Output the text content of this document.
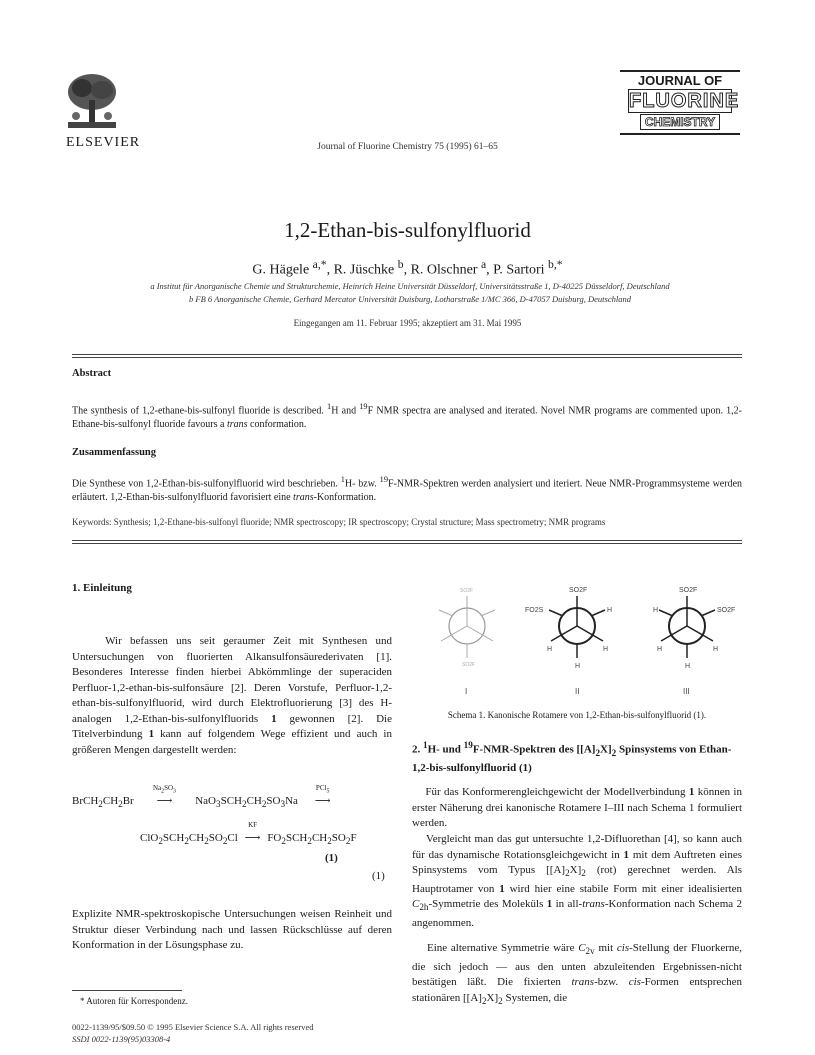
ELSEVIER	Journal of Fluorine Chemistry 75 (1995) 61–65
JOURNAL OF
FLUORINE
CHEMISTRY
1,2-Ethan-bis-sulfonylfluorid
G. Hägele $^{a,*}$, R. Jüschke $^b$, R. Olschner $^a$, P. Sartori $^{b,*}$
a Institut für Anorganische Chemie und Strukturchemie, Heinrich Heine Universität Düsseldorf, Universitätsstraße 1, D-40225 Düsseldorf, Deutschland
b FB 6 Anorganische Chemie, Gerhard Mercator Universität Duisburg, Lotharstraße 1/MC 366, D-47057 Duisburg, Deutschland
Eingegangen am 11. Februar 1995; akzeptiert am 31. Mai 1995
Abstract
The synthesis of 1,2-ethane-bis-sulfonyl fluoride is described. $^1$H and $^{19}$F NMR spectra are analysed and iterated. Novel NMR programs are commented upon. 1,2-Ethane-bis-sulfonyl fluoride favours a trans conformation.
Zusammenfassung
Die Synthese von 1,2-Ethan-bis-sulfonylfluorid wird beschrieben. $^1$H- bzw. $^{19}$F-NMR-Spektren werden analysiert und iteriert. Neue NMR-Programmsysteme werden erläutert. 1,2-Ethan-bis-sulfonylfluorid favorisiert eine trans-Konformation.
Keywords: Synthesis; 1,2-Ethane-bis-sulfonyl fluoride; NMR spectroscopy; IR spectroscopy; Crystal structure; Mass spectrometry; NMR programs
1. Einleitung
Wir befassen uns seit geraumer Zeit mit Synthesen und Untersuchungen von fluorierten Alkansulfonsäurederivaten [1]. Besonderes Interesse finden hierbei Abkömmlinge der superaciden Perfluor-1,2-ethan-bis-sulfonsäure [2]. Deren Vorstufe, Perfluor-1,2-ethan-bis-sulfonylfluorid, wird durch Elektrofluorierung [3] des H-analogen 1,2-Ethan-bis-sulfonylfluorids 1 gewonnen [2]. Die Titelverbindung 1 kann auf folgendem Wege effizient und auch in größeren Mengen dargestellt werden:
$BrCH_2CH_2Br$
$Na_2SO_3$
⟶ $NaO_3SCH_2CH_2SO_3Na$
PCl$_5$
⟶
$ClO_2SCH_2CH_2SO_2Cl$
KF
⟶ $FO_2SCH_2CH_2SO_2F$
(1)
(1)
Explizite NMR-spektroskopische Untersuchungen weisen Reinheit und Struktur dieser Verbindung nach und lassen Rückschlüsse auf deren Konformation in der Lösungsphase zu.
* Autoren für Korrespondenz.
0022-1139/95/$09.50 © 1995 Elsevier Science S.A. All rights reserved
SSDI 0022-1139(95)03308-4
SO2F
SO2F
SO2F
FO2S	H
H	H
H
SO2F
H	SO2F
H	H
H
I	II	III
Schema 1. Kanonische Rotamere von 1,2-Ethan-bis-sulfonylfluorid (1).
2. $^1$H- und $^{19}$F-NMR-Spektren des $[[A]_2X]_2$ Spinsystems von Ethan-1,2-bis-sulfonylfluorid (1)
Für das Konformerengleichgewicht der Modellverbindung 1 können in erster Näherung drei kanonische Rotamere I–III nach Schema 1 formuliert werden.
Vergleicht man das gut untersuchte 1,2-Difluorethan [4], so kann auch für das dynamische Rotationsgleichgewicht in 1 mit dem Auftreten eines Spinsystems vom Typus $[[A]_2X]_2$ (rot) gerechnet werden. Als Hauptrotamer von 1 wird hier eine stabile Form mit einer idealisierten $C_{2h}$-Symmetrie des Moleküls 1 in all-trans-Konformation nach Schema 2 angenommen.
Eine alternative Symmetrie wäre $C_{2v}$ mit cis-Stellung der Fluorkerne, die sich jedoch — aus den unten abzuleitenden Ergebnissen-nicht bestätigen läßt. Die fixierten trans-bzw. cis-Formen entsprechen stationären $[[A]_2X]_2$ Systemen, die
